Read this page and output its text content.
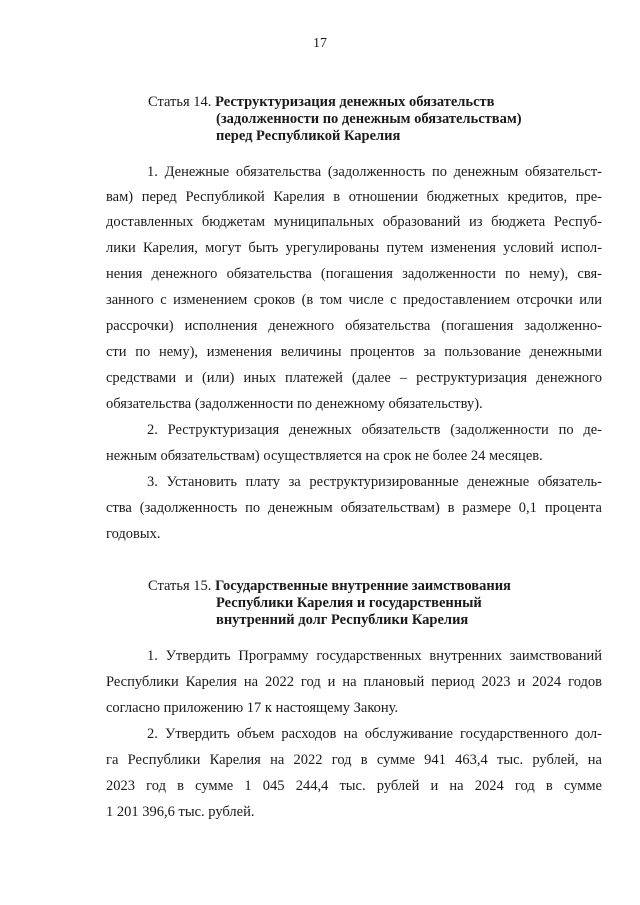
17
Статья 14. Реструктуризация денежных обязательств
(задолженности по денежным обязательствам)
перед Республикой Карелия
1. Денежные обязательства (задолженность по денежным обязательст-
вам) перед Республикой Карелия в отношении бюджетных кредитов, пре-
доставленных бюджетам муниципальных образований из бюджета Респуб-
лики Карелия, могут быть урегулированы путем изменения условий испол-
нения денежного обязательства (погашения задолженности по нему), свя-
занного с изменением сроков (в том числе с предоставлением отсрочки или
рассрочки) исполнения денежного обязательства (погашения задолженно-
сти по нему), изменения величины процентов за пользование денежными
средствами и (или) иных платежей (далее – реструктуризация денежного
обязательства (задолженности по денежному обязательству).
2. Реструктуризация денежных обязательств (задолженности по де-
нежным обязательствам) осуществляется на срок не более 24 месяцев.
3. Установить плату за реструктуризированные денежные обязатель-
ства (задолженность по денежным обязательствам) в размере 0,1 процента
годовых.
Статья 15. Государственные внутренние заимствования
Республики Карелия и государственный
внутренний долг Республики Карелия
1. Утвердить Программу государственных внутренних заимствований
Республики Карелия на 2022 год и на плановый период 2023 и 2024 годов
согласно приложению 17 к настоящему Закону.
2. Утвердить объем расходов на обслуживание государственного дол-
га Республики Карелия на 2022 год в сумме 941 463,4 тыс. рублей, на
2023 год в сумме 1 045 244,4 тыс. рублей и на 2024 год в сумме
1 201 396,6 тыс. рублей.
